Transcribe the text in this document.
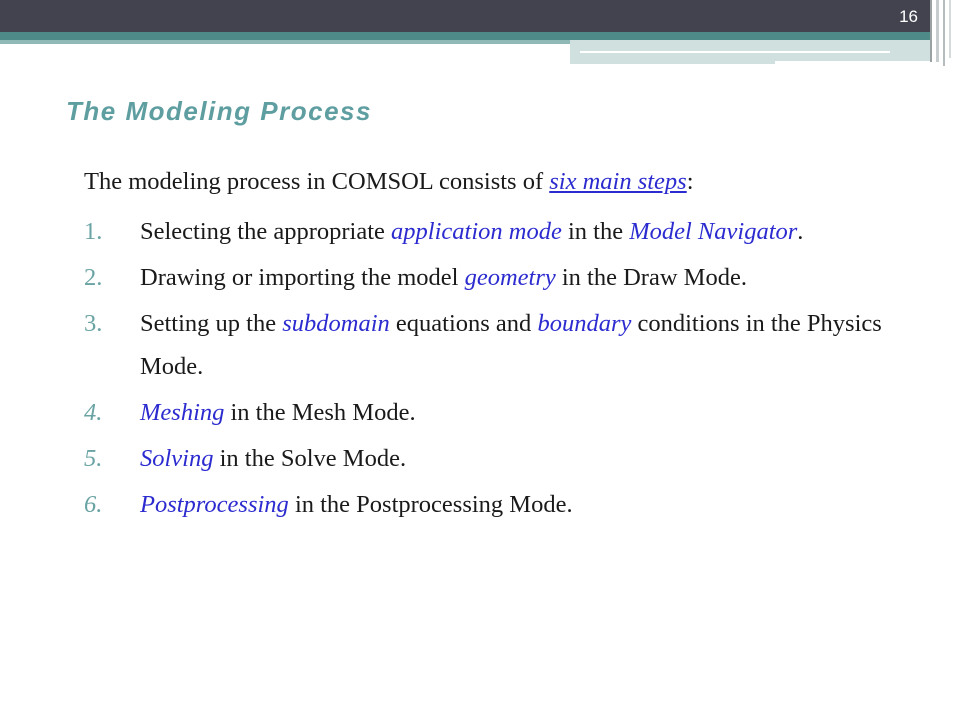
16
The Modeling Process

The modeling process in COMSOL consists of six main steps:

1. Selecting the appropriate application mode in the Model Navigator.
2. Drawing or importing the model geometry in the Draw Mode.
3. Setting up the subdomain equations and boundary conditions in the Physics Mode.
4. Meshing in the Mesh Mode.
5. Solving in the Solve Mode.
6. Postprocessing in the Postprocessing Mode.
